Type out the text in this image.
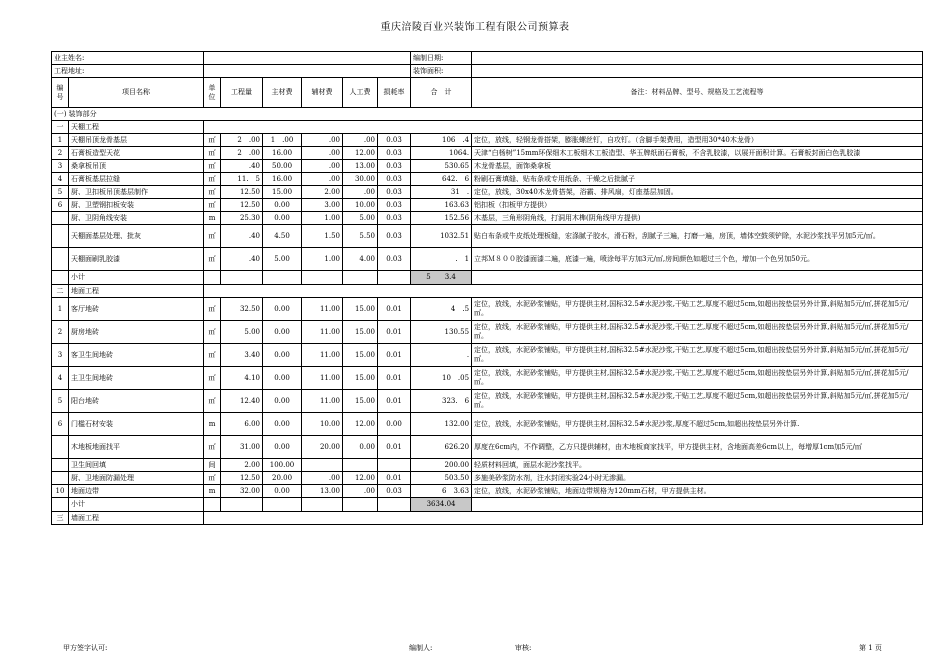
重庆涪陵百业兴装饰工程有限公司预算表
业主姓名:								编制日期:	
工程地址:								装饰面积:	
编号	项目名称	单位	工程量	主材费	辅材费	人工费	损耗率	合　计	备注：材料品牌、型号、规格及工艺流程等
(一) 装饰部分									
一	天棚工程								
1	天棚吊顶龙骨基层	㎡	2　.00	1　.00	.00	.00	0.03	106　.4	定位，放线，轻钢龙骨搭架，膨胀螺丝钉，自攻钉。（含脚手架费用，造型用30*40木龙骨）
2	石膏板造型天花	㎡	2　.00	16.00	.00	12.00	0.03	1064.	天津“白杨树”15mm环保细木工板细木工板造型、华玉牌纸面石膏板，不含乳胶漆，以展开面积计算。石膏板封面白色乳胶漆
3	桑拿板吊顶	㎡	.40	50.00	.00	13.00	0.03	530.65	木龙骨基层，面饰桑拿板
4	石膏板基层拉缝	㎡	11.　5	16.00	.00	30.00	0.03	642.　6	粉刷石膏填缝、贴布条或专用纸条、干燥之后批腻子
5	厨、卫扣板吊顶基层制作	㎡	12.50	15.00	2.00	.00	0.03	31　.	定位，放线，30x40木龙骨搭架，浴霸、排风扇，灯座基层加固。
6	厨、卫塑钢扣板安装	㎡	12.50	0.00	3.00	10.00	0.03	163.63	铝扣板（扣板甲方提供）
	厨、卫阴角线安装	m	25.30	0.00	1.00	5.00	0.03	152.56	木基层，三角形阴角线，打洞用木榫(阴角线甲方提供)
	天棚面基层处理、批灰	㎡	.40	4.50	1.50	5.50	0.03	1032.51	贴白布条或牛皮纸处理板缝，宏涤腻子胶水，滑石粉，刮腻子三遍，打磨一遍，房顶，墙体空鼓须铲除，水泥沙浆找平另加5元/㎡。
	天棚面刷乳胶漆	㎡	.40	5.00	1.00	4.00	0.03	.　1	立邦Ｍ８００胶漆面漆二遍，底漆一遍，喷涂每平方加3元/㎡,房间颜色如超过三个色，增加一个色另加50元。
	小计							5　　3.4	
二	地面工程								
1	客厅地砖	㎡	32.50	0.00	11.00	15.00	0.01	4　.5	定位，放线，水泥砂浆铺贴，甲方提供主材,国标32.5#水泥沙浆,干贴工艺,厚度不超过5cm,如超出按垫层另外计算,斜贴加5元/㎡,拼花加5元/㎡。
2	厨房地砖	㎡	5.00	0.00	11.00	15.00	0.01	130.55	定位，放线，水泥砂浆铺贴，甲方提供主材,国标32.5#水泥沙浆,干贴工艺,厚度不超过5cm,如超出按垫层另外计算,斜贴加5元/㎡,拼花加5元/㎡。
3	客卫生间地砖	㎡	3.40	0.00	11.00	15.00	0.01	.	定位，放线，水泥砂浆铺贴，甲方提供主材,国标32.5#水泥沙浆,干贴工艺,厚度不超过5cm,如超出按垫层另外计算,斜贴加5元/㎡,拼花加5元/㎡。
4	主卫生间地砖	㎡	4.10	0.00	11.00	15.00	0.01	10　.05	定位，放线，水泥砂浆铺贴，甲方提供主材,国标32.5#水泥沙浆,干贴工艺,厚度不超过5cm,如超出按垫层另外计算,斜贴加5元/㎡,拼花加5元/㎡。
5	阳台地砖	㎡	12.40	0.00	11.00	15.00	0.01	323.　6	定位，放线，水泥砂浆铺贴，甲方提供主材,国标32.5#水泥沙浆,干贴工艺,厚度不超过5cm,如超出按垫层另外计算,斜贴加5元/㎡,拼花加5元/㎡。
6	门槛石材安装	m	6.00	0.00	10.00	12.00	0.00	132.00	定位，放线，水泥砂浆铺贴，甲方提供主材,国标32.5#水泥沙浆,厚度不超过5cm,如超出按垫层另外计算.
	木地板地面找平	㎡	31.00	0.00	20.00	0.00	0.01	626.20	厚度在6cm内，不作调整，乙方只提供辅材，由木地板商家找平，甲方提供主材，含地面高差6cm以上，每增厚1cm加5元/㎡
	卫生间回填	间	2.00	100.00				200.00	轻质材料回填，面层水泥沙浆找平。
	厨、卫地面防漏处理	㎡	12.50	20.00	.00	12.00	0.01	503.50	多施美砂浆防水剂，注水封闭实验24小时无渗漏。
10	地面边带	m	32.00	0.00	13.00	.00	0.03	6　3.63	定位，放线，水泥砂浆铺贴，地面边带规格为120mm石材，甲方提供主材。
	小计							3634.04	
三	墙面工程								
甲方签字认可:	编制人:	审核:	第 1 页
